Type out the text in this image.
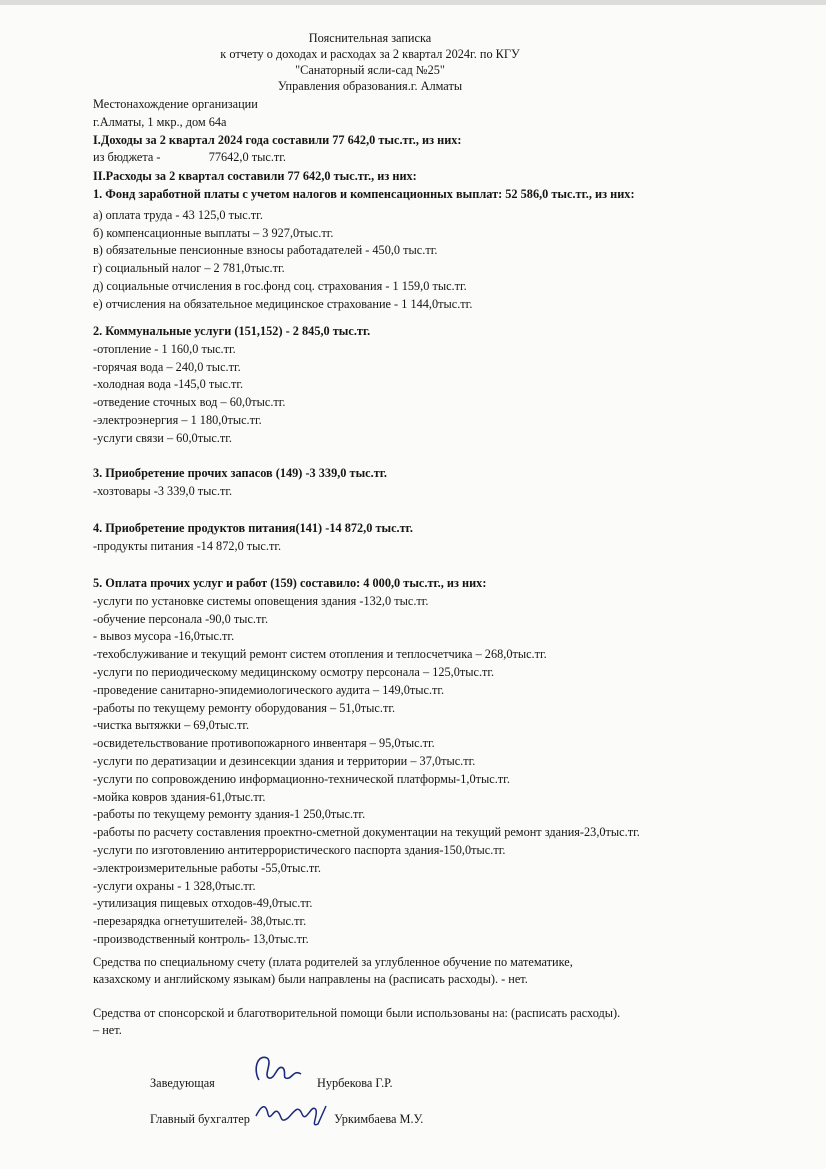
Пояснительная записка
к отчету о доходах и расходах за 2 квартал 2024г. по КГУ
"Санаторный ясли-сад №25"
Управления образования.г. Алматы
Местонахождение организации
г.Алматы, 1 мкр., дом 64а
I.Доходы за 2 квартал 2024 года составили 77 642,0 тыс.тг., из них:
из бюджета -	77642,0 тыс.тг.
II.Расходы за 2 квартал составили 77 642,0 тыс.тг., из них:
1. Фонд заработной платы с учетом налогов и компенсационных выплат: 52 586,0 тыс.тг., из них:
а) оплата труда - 43 125,0 тыс.тг.
б) компенсационные выплаты – 3 927,0тыс.тг.
в) обязательные пенсионные взносы работадателей - 450,0 тыс.тг.
г) социальный налог – 2 781,0тыс.тг.
д) социальные отчисления в гос.фонд соц. страхования - 1 159,0 тыс.тг.
е) отчисления на обязательное медицинское страхование - 1 144,0тыс.тг.
2. Коммунальные услуги (151,152) - 2 845,0 тыс.тг.
-отопление - 1 160,0 тыс.тг.
-горячая вода – 240,0 тыс.тг.
-холодная вода -145,0 тыс.тг.
-отведение сточных вод – 60,0тыс.тг.
-электроэнергия – 1 180,0тыс.тг.
-услуги связи – 60,0тыс.тг.
3. Приобретение прочих запасов (149) -3 339,0 тыс.тг.
-хозтовары -3 339,0 тыс.тг.
4. Приобретение продуктов питания(141) -14 872,0 тыс.тг.
-продукты питания -14 872,0 тыс.тг.
5. Оплата прочих услуг и работ (159) составило: 4 000,0 тыс.тг., из них:
-услуги по установке системы оповещения здания -132,0 тыс.тг.
-обучение персонала -90,0 тыс.тг.
- вывоз мусора -16,0тыс.тг.
-техобслуживание и текущий ремонт систем отопления и теплосчетчика – 268,0тыс.тг.
-услуги по периодическому медицинскому осмотру персонала – 125,0тыс.тг.
-проведение санитарно-эпидемиологического аудита – 149,0тыс.тг.
-работы по текущему ремонту оборудования – 51,0тыс.тг.
-чистка вытяжки – 69,0тыс.тг.
-освидетельствование противопожарного инвентаря – 95,0тыс.тг.
-услуги по дератизации и дезинсекции здания и территории – 37,0тыс.тг.
-услуги по сопровождению информационно-технической платформы-1,0тыс.тг.
-мойка ковров здания-61,0тыс.тг.
-работы по текущему ремонту здания-1 250,0тыс.тг.
-работы по расчету составления проектно-сметной документации на текущий ремонт здания-23,0тыс.тг.
-услуги по изготовлению антитеррористического паспорта здания-150,0тыс.тг.
-электроизмерительные работы -55,0тыс.тг.
-услуги охраны - 1 328,0тыс.тг.
-утилизация пищевых отходов-49,0тыс.тг.
-перезарядка огнетушителей- 38,0тыс.тг.
-производственный контроль- 13,0тыс.тг.
Средства по специальному счету (плата родителей за углубленное обучение по математике, казахскому и английскому языкам) были направлены на (расписать расходы). - нет.
Средства от спонсорской и благотворительной помощи были использованы на: (расписать расходы). – нет.
Заведующая	Нурбекова Г.Р.
Главный бухгалтер	Уркимбаева М.У.
